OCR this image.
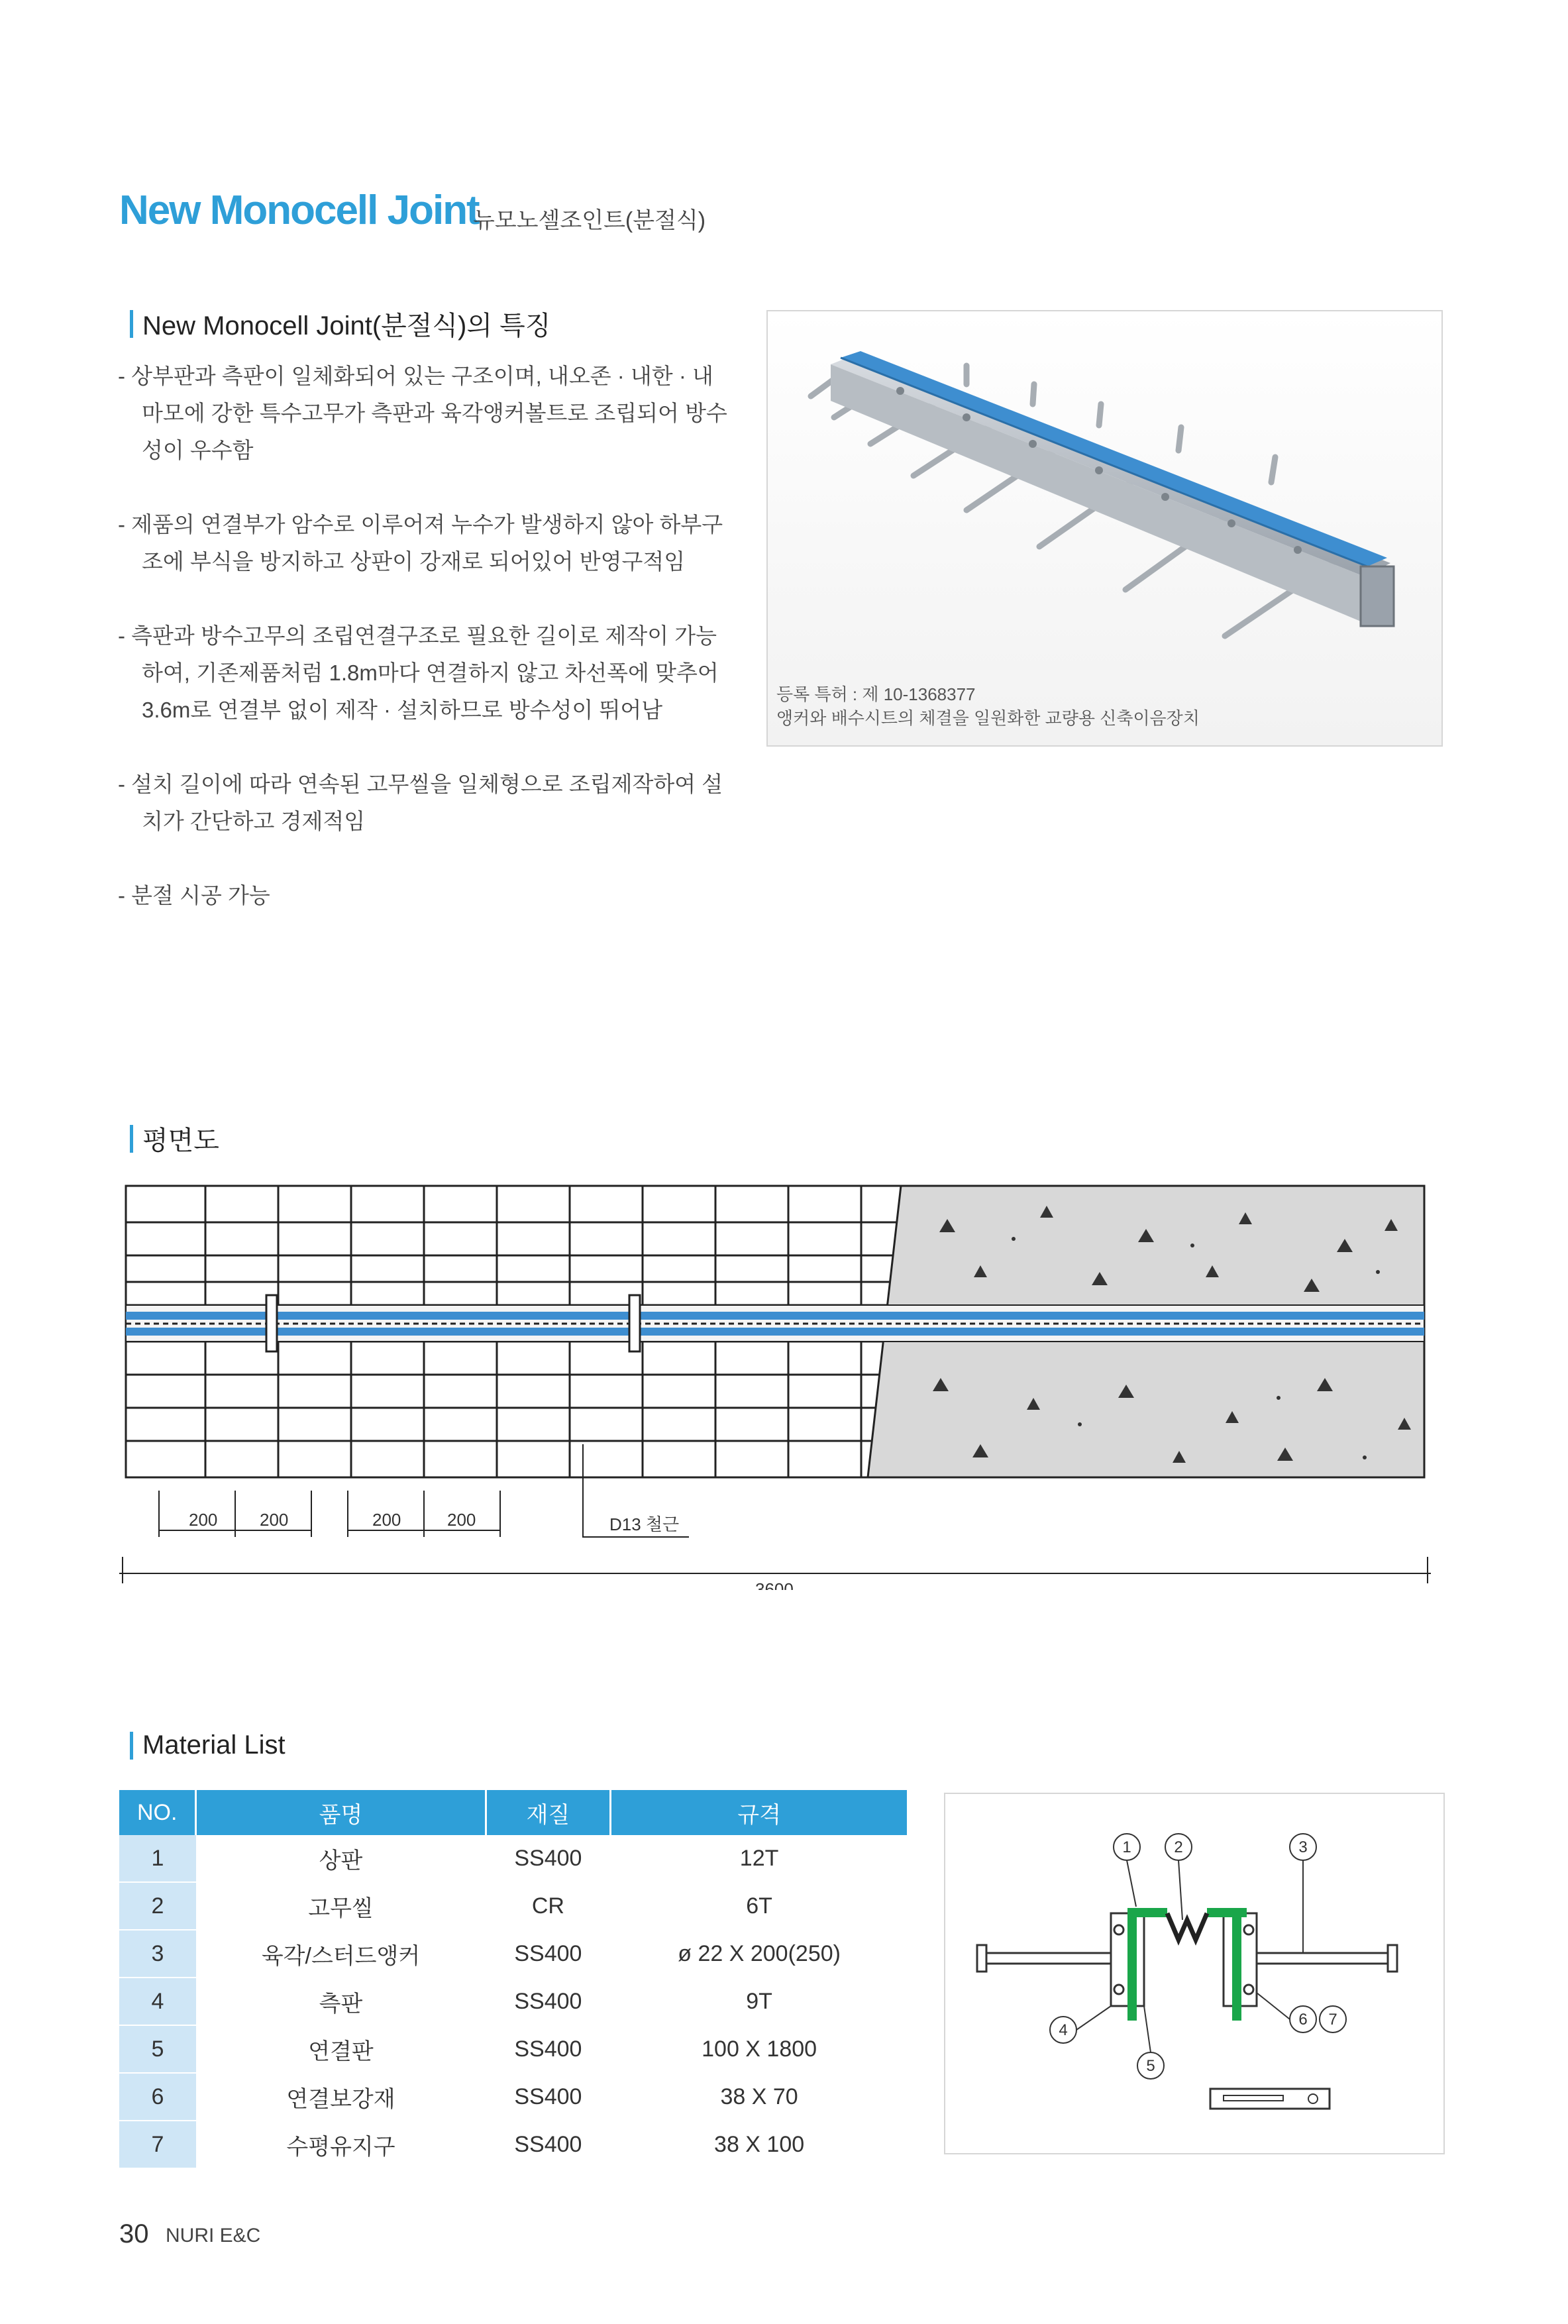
New Monocell Joint
뉴모노셀조인트(분절식)
New Monocell Joint(분절식)의 특징
- 상부판과 측판이 일체화되어 있는 구조이며, 내오존 · 내한 · 내마모에 강한 특수고무가 측판과 육각앵커볼트로 조립되어 방수성이 우수함
- 제품의 연결부가 암수로 이루어져 누수가 발생하지 않아 하부구조에 부식을 방지하고 상판이 강재로 되어있어 반영구적임
- 측판과 방수고무의 조립연결구조로 필요한 길이로 제작이 가능하여, 기존제품처럼 1.8m마다 연결하지 않고 차선폭에 맞추어 3.6m로 연결부 없이 제작 · 설치하므로 방수성이 뛰어남
- 설치 길이에 따라 연속된 고무씰을 일체형으로 조립제작하여 설치가 간단하고 경제적임
- 분절 시공 가능
등록 특허 : 제 10-1368377
앵커와 배수시트의 체결을 일원화한 교량용 신축이음장치
평면도
200 200	200	200	D13 철근
3600
Material List
NO.	품명	재질	규격
1	상판	SS400	12T
2	고무씰	CR	6T
3	육각/스터드앵커	SS400	ø 22 X 200(250)
4	측판	SS400	9T
5	연결판	SS400	100 X 1800
6	연결보강재	SS400	38 X 70
7	수평유지구	SS400	38 X 100
1	2	3
4
5
6 7
30 NURI E&C
